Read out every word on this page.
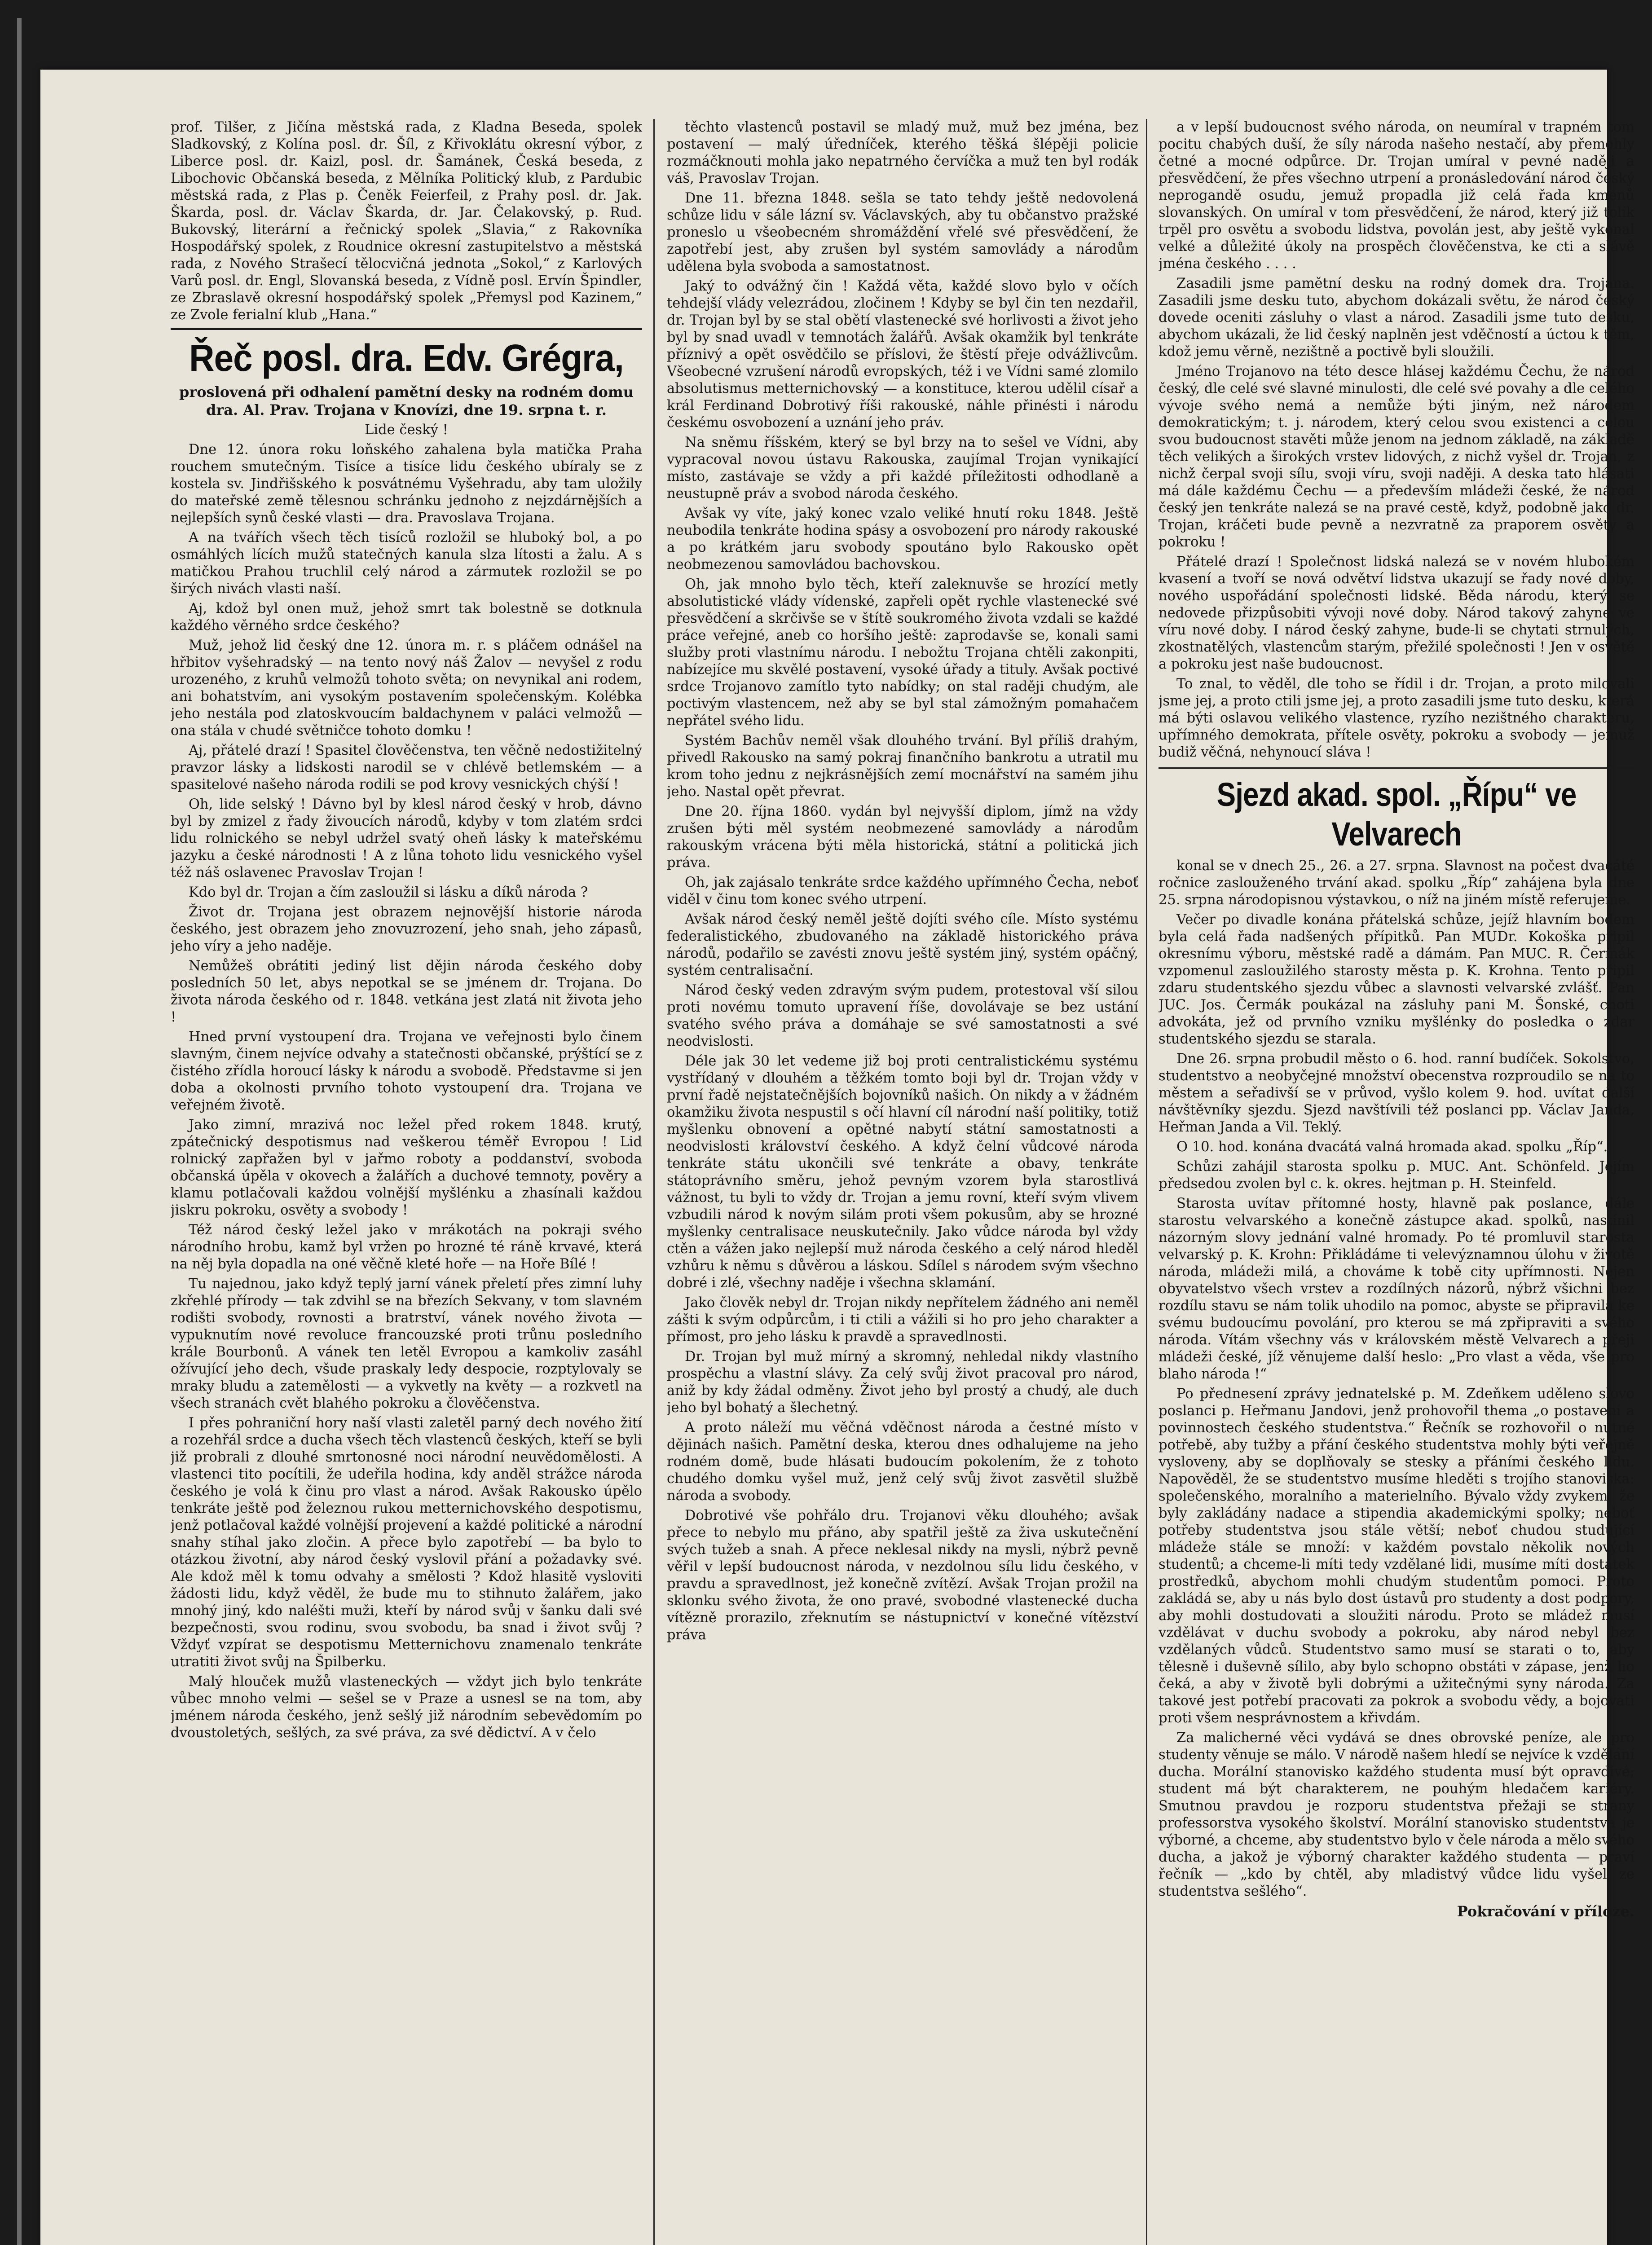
prof. Tilšer, z Jičína městská rada, z Kladna Beseda, spolek Sladkovský, z Kolína posl. dr. Šíl, z Křivoklátu okresní výbor, z Liberce posl. dr. Kaizl, posl. dr. Šamánek, Česká beseda, z Libochovic Občanská beseda, z Mělníka Politický klub, z Pardubic městská rada, z Plas p. Čeněk Feierfeil, z Prahy posl. dr. Jak. Škarda, posl. dr. Václav Škarda, dr. Jar. Čelakovský, p. Rud. Bukovský, literární a řečnický spolek „Slavia,“ z Rakovníka Hospodářský spolek, z Roudnice okresní zastupitelstvo a městská rada, z Nového Strašecí tělocvičná jednota „Sokol,“ z Karlových Varů posl. dr. Engl, Slovanská beseda, z Vídně posl. Ervín Špindler, ze Zbraslavě okresní hospodářský spolek „Přemysl pod Kazinem,“ ze Zvole ferialní klub „Hana.“

Řeč posl. dra. Edv. Grégra,

proslovená při odhalení pamětní desky na rodném domu dra. Al. Prav. Trojana v Knovízi, dne 19. srpna t. r.

Lide český !

Dne 12. února roku loňského zahalena byla matička Praha rouchem smutečným. Tisíce a tisíce lidu českého ubíraly se z kostela sv. Jindřišského k posvátnému Vyšehradu, aby tam uložily do mateřské země tělesnou schránku jednoho z nejzdárnějších a nejlepších synů české vlasti — dra. Pravoslava Trojana.

A na tvářích všech těch tisíců rozložil se hluboký bol, a po osmáhlých lících mužů statečných kanula slza lítosti a žalu. A s matičkou Prahou truchlil celý národ a zármutek rozložil se po širých nivách vlasti naší.

Aj, kdož byl onen muž, jehož smrt tak bolestně se dotknula každého věrného srdce českého?

Muž, jehož lid český dne 12. února m. r. s pláčem odnášel na hřbitov vyšehradský — na tento nový náš Žalov — nevyšel z rodu urozeného, z kruhů velmožů tohoto světa; on nevynikal ani rodem, ani bohatstvím, ani vysokým postavením společenským. Kolébka jeho nestála pod zlatoskvoucím baldachynem v paláci velmožů — ona stála v chudé světničce tohoto domku !

Aj, přátelé drazí ! Spasitel člověčenstva, ten věčně nedostižitelný pravzor lásky a lidskosti narodil se v chlévě betlemském — a spasitelové našeho národa rodili se pod krovy vesnických chýší !

Oh, lide selský ! Dávno byl by klesl národ český v hrob, dávno byl by zmizel z řady živoucích národů, kdyby v tom zlatém srdci lidu rolnického se nebyl udržel svatý oheň lásky k mateřskému jazyku a české národnosti ! A z lůna tohoto lidu vesnického vyšel též náš oslavenec Pravoslav Trojan !

Kdo byl dr. Trojan a čím zasloužil si lásku a díků národa ?

Život dr. Trojana jest obrazem nejnovější historie národa českého, jest obrazem jeho znovuzrození, jeho snah, jeho zápasů, jeho víry a jeho naděje.

Nemůžeš obrátiti jediný list dějin národa českého doby posledních 50 let, abys nepotkal se se jménem dr. Trojana. Do života národa českého od r. 1848. vetkána jest zlatá nit života jeho !

Hned první vystoupení dra. Trojana ve veřejnosti bylo činem slavným, činem nejvíce odvahy a statečnosti občanské, prýštící se z čistého zřídla horoucí lásky k národu a svobodě. Představme si jen doba a okolnosti prvního tohoto vystoupení dra. Trojana ve veřejném životě.

Jako zimní, mrazivá noc ležel před rokem 1848. krutý, zpátečnický despotismus nad veškerou téměř Evropou ! Lid rolnický zapřažen byl v jařmo roboty a poddanství, svoboda občanská úpěla v okovech a žalářích a duchové temnoty, pověry a klamu potlačovali každou volnější myšlénku a zhasínali každou jiskru pokroku, osvěty a svobody !

Též národ český ležel jako v mrákotách na pokraji svého národního hrobu, kamž byl vržen po hrozné té ráně krvavé, která na něj byla dopadla na oné věčně kleté hoře — na Hoře Bílé !

Tu najednou, jako když teplý jarní vánek přeletí přes zimní luhy zkřehlé přírody — tak zdvihl se na březích Sekvany, v tom slavném rodišti svobody, rovnosti a bratrství, vánek nového života — vypuknutím nové revoluce francouzské proti trůnu posledního krále Bourbonů. A vánek ten letěl Evropou a kamkoliv zasáhl ožívující jeho dech, všude praskaly ledy despocie, rozptylovaly se mraky bludu a zatemělosti — a vykvetly na květy — a rozkvetl na všech stranách cvět blahého pokroku a člověčenstva.

I přes pohraniční hory naší vlasti zaletěl parný dech nového žití a rozehřál srdce a ducha všech těch vlastenců českých, kteří se byli již probrali z dlouhé smrtonosné noci národní neuvědomělosti. A vlastenci tito pocítili, že udeřila hodina, kdy anděl strážce národa českého je volá k činu pro vlast a národ. Avšak Rakousko úpělo tenkráte ještě pod železnou rukou metternichovského despotismu, jenž potlačoval každé volnější projevení a každé politické a národní snahy stíhal jako zločin. A přece bylo zapotřebí — ba bylo to otázkou životní, aby národ český vyslovil přání a požadavky své. Ale kdož měl k tomu odvahy a smělosti ? Kdož hlasitě vysloviti žádosti lidu, když věděl, že bude mu to stihnuto žalářem, jako mnohý jiný, kdo naléšti muži, kteří by národ svůj v šanku dali své bezpečnosti, svou rodinu, svou svobodu, ba snad i život svůj ? Vždyť vzpírat se despotismu Metternichovu znamenalo tenkráte utratiti život svůj na Špilberku.

Malý hlouček mužů vlasteneckých — vždyt jich bylo tenkráte vůbec mnoho velmi — sešel se v Praze a usnesl se na tom, aby jménem národa českého, jenž sešlý již národním sebevědomím po dvoustoletých, sešlých, za své práva, za své dědictví. A v čelo

těchto vlastenců postavil se mladý muž, muž bez jména, bez postavení — malý úředníček, kterého těšká šlépěji policie rozmáčknouti mohla jako nepatrného červíčka a muž ten byl rodák váš, Pravoslav Trojan.

Dne 11. března 1848. sešla se tato tehdy ještě nedovolená schůze lidu v sále lázní sv. Václavských, aby tu občanstvo pražské proneslo u všeobecném shromáždění vřelé své přesvědčení, že zapotřebí jest, aby zrušen byl systém samovlády a národům udělena byla svoboda a samostatnost.

Jaký to odvážný čin ! Každá věta, každé slovo bylo v očích tehdejší vlády velezrádou, zločinem ! Kdyby se byl čin ten nezdařil, dr. Trojan byl by se stal obětí vlastenecké své horlivosti a život jeho byl by snad uvadl v temnotách žalářů. Avšak okamžik byl tenkráte příznivý a opět osvědčilo se příslovi, že štěstí přeje odvážlivcům. Všeobecné vzrušení národů evropských, též i ve Vídni samé zlomilo absolutismus metternichovský — a konstituce, kterou udělil císař a král Ferdinand Dobrotivý říši rakouské, náhle přinésti i národu českému osvobození a uznání jeho práv.

Na sněmu říšském, který se byl brzy na to sešel ve Vídni, aby vypracoval novou ústavu Rakouska, zaujímal Trojan vynikající místo, zastávaje se vždy a při každé příležitosti odhodlaně a neustupně práv a svobod národa českého.

Avšak vy víte, jaký konec vzalo veliké hnutí roku 1848. Ještě neubodila tenkráte hodina spásy a osvobození pro národy rakouské a po krátkém jaru svobody spoutáno bylo Rakousko opět neobmezenou samovládou bachovskou.

Oh, jak mnoho bylo těch, kteří zaleknuvše se hrozící metly absolutistické vlády vídenské, zapřeli opět rychle vlastenecké své přesvědčení a skrčivše se v štítě soukromého života vzdali se každé práce veřejné, aneb co horšího ještě: zaprodavše se, konali sami služby proti vlastnímu národu. I nebožtu Trojana chtěli zakonpiti, nabízejíce mu skvělé postavení, vysoké úřady a tituly. Avšak poctivé srdce Trojanovo zamítlo tyto nabídky; on stal raději chudým, ale poctivým vlastencem, než aby se byl stal zámožným pomahačem nepřátel svého lidu.

Systém Bachův neměl však dlouhého trvání. Byl příliš drahým, přivedl Rakousko na samý pokraj finančního bankrotu a utratil mu krom toho jednu z nejkrásnějších zemí mocnářství na samém jihu jeho. Nastal opět převrat.

Dne 20. října 1860. vydán byl nejvyšší diplom, jímž na vždy zrušen býti měl systém neobmezené samovlády a národům rakouským vrácena býti měla historická, státní a politická jich práva.

Oh, jak zajásalo tenkráte srdce každého upřímného Čecha, neboť viděl v činu tom konec svého utrpení.

Avšak národ český neměl ještě dojíti svého cíle. Místo systému federalistického, zbudovaného na základě historického práva národů, podařilo se zavésti znovu ještě systém jiný, systém opáčný, systém centralisační.

Národ český veden zdravým svým pudem, protestoval vší silou proti novému tomuto upravení říše, dovolávaje se bez ustání svatého svého práva a domáhaje se své samostatnosti a své neodvislosti.

Déle jak 30 let vedeme již boj proti centralistickému systému vystřídaný v dlouhém a těžkém tomto boji byl dr. Trojan vždy v první řadě nejstatečnějších bojovníků našich. On nikdy a v žádném okamžiku života nespustil s očí hlavní cíl národní naší politiky, totiž myšlenku obnovení a opětné nabytí státní samostatnosti a neodvislosti království českého. A když čelní vůdcové národa tenkráte státu ukončili své tenkráte a obavy, tenkráte státoprávního směru, jehož pevným vzorem byla starostlivá vážnost, tu byli to vždy dr. Trojan a jemu rovní, kteří svým vlivem vzbudili národ k novým silám proti všem pokusům, aby se hrozné myšlenky centralisace neuskutečnily. Jako vůdce národa byl vždy ctěn a vážen jako nejlepší muž národa českého a celý národ hleděl vzhůru k němu s důvěrou a láskou. Sdílel s národem svým všechno dobré i zlé, všechny naděje i všechna sklamání.

Jako člověk nebyl dr. Trojan nikdy nepřítelem žádného ani neměl zášti k svým odpůrcům, i ti ctili a vážili si ho pro jeho charakter a přímost, pro jeho lásku k pravdě a spravedlnosti.

Dr. Trojan byl muž mírný a skromný, nehledal nikdy vlastního prospěchu a vlastní slávy. Za celý svůj život pracoval pro národ, aniž by kdy žádal odměny. Život jeho byl prostý a chudý, ale duch jeho byl bohatý a šlechetný.

A proto náleží mu věčná vděčnost národa a čestné místo v dějinách našich. Pamětní deska, kterou dnes odhalujeme na jeho rodném domě, bude hlásati budoucím pokolením, že z tohoto chudého domku vyšel muž, jenž celý svůj život zasvětil službě národa a svobody.

Dobrotivé vše pohřálo dru. Trojanovi věku dlouhého; avšak přece to nebylo mu přáno, aby spatřil ještě za živa uskutečnění svých tužeb a snah. A přece neklesal nikdy na mysli, nýbrž pevně věřil v lepší budoucnost národa, v nezdolnou sílu lidu českého, v pravdu a spravedlnost, jež konečně zvítězí. Avšak Trojan prožil na sklonku svého života, že ono pravé, svobodné vlastenecké ducha vítězně prorazilo, zřeknutím se nástupnictví v konečné vítězství práva

a v lepší budoucnost svého národa, on neumíral v trapném tom pocitu chabých duší, že síly národa našeho nestačí, aby přemohly četné a mocné odpůrce. Dr. Trojan umíral v pevné naději a přesvědčení, že přes všechno utrpení a pronásledování národ český neprogandě osudu, jemuž propadla již celá řada kmenů slovanských. On umíral v tom přesvědčení, že národ, který již tolik trpěl pro osvětu a svobodu lidstva, povolán jest, aby ještě vykonal velké a důležité úkoly na prospěch člověčenstva, ke cti a slávě jména českého . . . .

Zasadili jsme pamětní desku na rodný domek dra. Trojana. Zasadili jsme desku tuto, abychom dokázali světu, že národ český dovede oceniti zásluhy o vlast a národ. Zasadili jsme tuto desku, abychom ukázali, že lid český naplněn jest vděčností a úctou k těm, kdož jemu věrně, nezištně a poctivě byli sloužili.

Jméno Trojanovo na této desce hlásej každému Čechu, že národ český, dle celé své slavné minulosti, dle celé své povahy a dle celého vývoje svého nemá a nemůže býti jiným, než národem demokratickým; t. j. národem, který celou svou existenci a celou svou budoucnost stavěti může jenom na jednom základě, na základě těch velikých a širokých vrstev lidových, z nichž vyšel dr. Trojan, z nichž čerpal svoji sílu, svoji víru, svoji naději. A deska tato hlásati má dále každému Čechu — a především mládeži české, že národ český jen tenkráte nalezá se na pravé cestě, když, podobně jako dr. Trojan, kráčeti bude pevně a nezvratně za praporem osvěty a pokroku !

Přátelé drazí ! Společnost lidská nalezá se v novém hlubokém kvasení a tvoří se nová odvětví lidstva ukazují se řady nové doby, nového uspořádání společnosti lidské. Běda národu, který se nedovede přizpůsobiti vývoji nové doby. Národ takový zahyne ve víru nové doby. I národ český zahyne, bude-li se chytati strnulých, zkostnatělých, vlastencům starým, přežilé společnosti ! Jen v osvětě a pokroku jest naše budoucnost.

To znal, to věděl, dle toho se řídil i dr. Trojan, a proto milovali jsme jej, a proto ctili jsme jej, a proto zasadili jsme tuto desku, která má býti oslavou velikého vlastence, ryzího nezištného charakteru, upřímného demokrata, přítele osvěty, pokroku a svobody — jemuž budiž věčná, nehynoucí sláva !

Sjezd akad. spol. „Řípu“ ve Velvarech

konal se v dnech 25., 26. a 27. srpna. Slavnost na počest dvacáté ročnice zaslouženého trvání akad. spolku „Říp“ zahájena byla dne 25. srpna národopisnou výstavkou, o níž na jiném místě referujeme.

Večer po divadle konána přátelská schůze, jejíž hlavním bodem byla celá řada nadšených přípitků. Pan MUDr. Kokoška připil okresnímu výboru, městské radě a dámám. Pan MUC. R. Čermák vzpomenul zasloužilého starosty města p. K. Krohna. Tento připil zdaru studentského sjezdu vůbec a slavnosti velvarské zvlášť. Pan JUC. Jos. Čermák poukázal na zásluhy pani M. Šonské, choti advokáta, jež od prvního vzniku myšlénky do posledka o zdar studentského sjezdu se starala.

Dne 26. srpna probudil město o 6. hod. ranní budíček. Sokolstvo, studentstvo a neobyčejné množství obecenstva rozproudilo se na to městem a seřadivší se v průvod, vyšlo kolem 9. hod. uvítat další návštěvníky sjezdu. Sjezd navštívili též poslanci pp. Václav Janda, Heřman Janda a Vil. Teklý.

O 10. hod. konána dvacátá valná hromada akad. spolku „Říp“.

Schůzi zahájil starosta spolku p. MUC. Ant. Schönfeld. Jejím předsedou zvolen byl c. k. okres. hejtman p. H. Steinfeld.

Starosta uvítav přítomné hosty, hlavně pak poslance, dále starostu velvarského a konečně zástupce akad. spolků, nastínil názorným slovy jednání valné hromady. Po té promluvil starosta velvarský p. K. Krohn: Přikládáme ti velevýznamnou úlohu v životě národa, mládeži milá, a chováme k tobě city upřímnosti. Nejen obyvatelstvo všech vrstev a rozdílných názorů, nýbrž všichni bez rozdílu stavu se nám tolik uhodilo na pomoc, abyste se připravila ke svému budoucímu povolání, pro kterou se má zpřipraviti a svého národa. Vítám všechny vás v královském městě Velvarech a přeji mládeži české, jíž věnujeme další heslo: „Pro vlast a věda, vše pro blaho národa !“

Po přednesení zprávy jednatelské p. M. Zdeňkem uděleno slovo poslanci p. Heřmanu Jandovi, jenž prohovořil thema „o postavení a povinnostech českého studentstva.“ Řečník se rozhovořil o nutné potřebě, aby tužby a přání českého studentstva mohly býti veřejně vysloveny, aby se doplňovaly se stesky a přáními českého lidu. Napověděl, že se studentstvo musíme hleděti s trojího stanoviska: společenského, moralního a materielního. Bývalo vždy zvykem, že byly zakládány nadace a stipendia akademickými spolky; neboť potřeby studentstva jsou stále větší; neboť chudou studující mládeže stále se množí: v každém povstalo několik nových studentů; a chceme-li míti tedy vzdělané lidi, musíme míti dostatek prostředků, abychom mohli chudým studentům pomoci. Proto zakládá se, aby u nás bylo dost ústavů pro studenty a dost podpory, aby mohli dostudovati a sloužiti národu. Proto se mládež musí vzdělávat v duchu svobody a pokroku, aby národ nebyl bez vzdělaných vůdců. Studentstvo samo musí se starati o to, aby tělesně i duševně sílilo, aby bylo schopno obstáti v zápase, jenž ho čeká, a aby v životě byli dobrými a užitečnými syny národa. Za takové jest potřebí pracovati za pokrok a svobodu vědy, a bojovati proti všem nesprávnostem a křivdám.

Za malicherné věci vydává se dnes obrovské peníze, ale pro studenty věnuje se málo. V národě našem hledí se nejvíce k vzdělání ducha. Morální stanovisko každého studenta musí být opravdivé; student má být charakterem, ne pouhým hledačem kariéry. Smutnou pravdou je rozporu studentstva přežaji se strany professorstva vysokého školství. Morální stanovisko studentstva je výborné, a chceme, aby studentstvo bylo v čele národa a mělo svého ducha, a jakož je výborný charakter každého studenta — praví řečník — „kdo by chtěl, aby mladistvý vůdce lidu vyšel ze studentstva sešlého“.

Pokračování v příloze.
